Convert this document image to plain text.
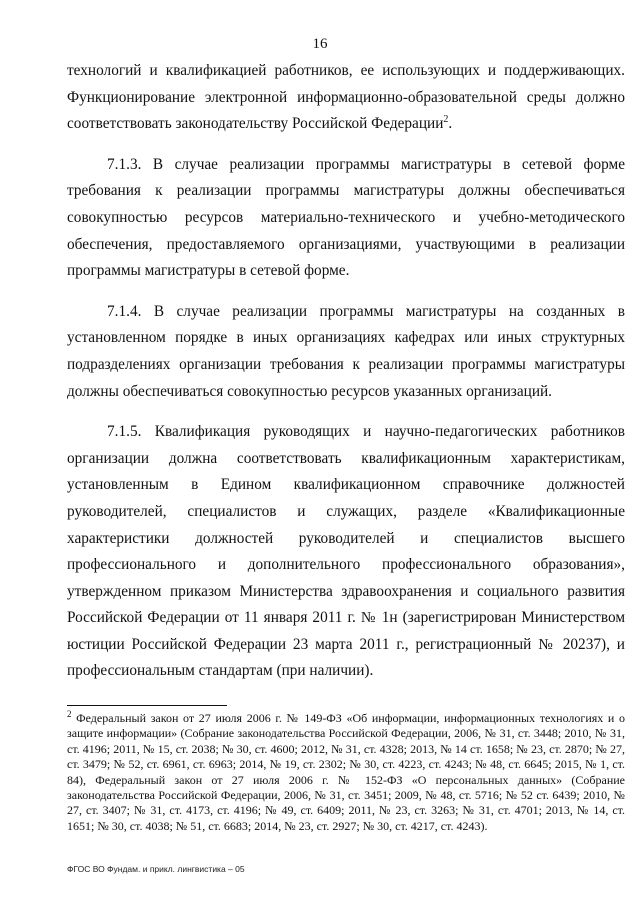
16

технологий и квалификацией работников, ее использующих и поддерживающих. Функционирование электронной информационно-образовательной среды должно соответствовать законодательству Российской Федерации$^2$.

7.1.3. В случае реализации программы магистратуры в сетевой форме требования к реализации программы магистратуры должны обеспечиваться совокупностью ресурсов материально-технического и учебно-методического обеспечения, предоставляемого организациями, участвующими в реализации программы магистратуры в сетевой форме.

7.1.4. В случае реализации программы магистратуры на созданных в установленном порядке в иных организациях кафедрах или иных структурных подразделениях организации требования к реализации программы магистратуры должны обеспечиваться совокупностью ресурсов указанных организаций.

7.1.5. Квалификация руководящих и научно-педагогических работников организации должна соответствовать квалификационным характеристикам, установленным в Едином квалификационном справочнике должностей руководителей, специалистов и служащих, разделе «Квалификационные характеристики должностей руководителей и специалистов высшего профессионального и дополнительного профессионального образования», утвержденном приказом Министерства здравоохранения и социального развития Российской Федерации от 11 января 2011 г. № 1н (зарегистрирован Министерством юстиции Российской Федерации 23 марта 2011 г., регистрационный № 20237), и профессиональным стандартам (при наличии).

$^2$ Федеральный закон от 27 июля 2006 г. № 149-ФЗ «Об информации, информационных технологиях и о защите информации» (Собрание законодательства Российской Федерации, 2006, № 31, ст. 3448; 2010, № 31, ст. 4196; 2011, № 15, ст. 2038; № 30, ст. 4600; 2012, № 31, ст. 4328; 2013, № 14 ст. 1658; № 23, ст. 2870; № 27, ст. 3479; № 52, ст. 6961, ст. 6963; 2014, № 19, ст. 2302; № 30, ст. 4223, ст. 4243; № 48, ст. 6645; 2015, № 1, ст. 84), Федеральный закон от 27 июля 2006 г. № 152-ФЗ «О персональных данных» (Собрание законодательства Российской Федерации, 2006, № 31, ст. 3451; 2009, № 48, ст. 5716; № 52 ст. 6439; 2010, № 27, ст. 3407; № 31, ст. 4173, ст. 4196; № 49, ст. 6409; 2011, № 23, ст. 3263; № 31, ст. 4701; 2013, № 14, ст. 1651; № 30, ст. 4038; № 51, ст. 6683; 2014, № 23, ст. 2927; № 30, ст. 4217, ст. 4243).

ФГОС ВО Фундам. и прикл. лингвистика – 05
